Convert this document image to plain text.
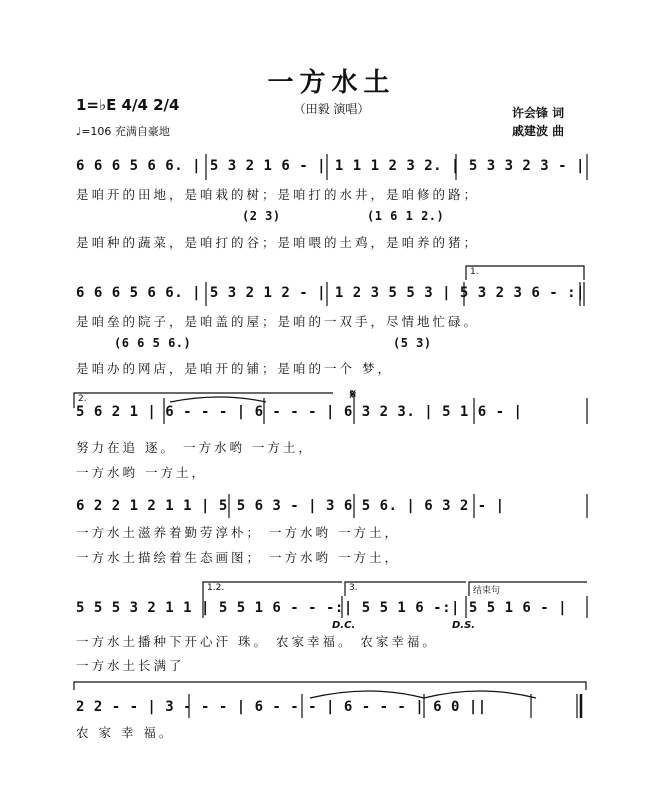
一方水土
（田毅 演唱）
1=♭E 4/4 2/4
♩=106 充满自豪地
许会锋 词
戚建波 曲
6 6 6 5 6 6. | 5 3 2 1 6 - | 1 1 1 2 3 2. | 5 3 3 2 3 - |
是咱开的田地，是咱栽的树；是咱打的水井，是咱修的路；
(2 3)	(1 6 1 2.)
是咱种的蔬菜，是咱打的谷；是咱喂的土鸡，是咱养的猪；
1.
6 6 6 5 6 6. | 5 3 2 1 2 - | 1 2 3 5 5 3 | 5 3 2 3 6 - :|
是咱垒的院子，是咱盖的屋；是咱的一双手，尽情地忙碌。
(6 6 5 6.)	(5 3)
是咱办的网店，是咱开的铺；是咱的一个 梦，
2.	𝄋
5 6 2 1 | 6 - - - | 6 - - - | 6 3 2 3. | 5 1 6 - |
努力在追 逐。 一方水哟 一方土，
一方水哟 一方土，
6 2 2 1 2 1 1 | 5 5 6 3 - | 3 6 5 6. | 6 3 2 - |
一方水土滋养着勤劳淳朴； 一方水哟 一方土，
一方水土描绘着生态画图； 一方水哟 一方土，
1.2.	3.	结束句
5 5 5 3 2 1 1 | 5 5 1 6 - - -:| 5 5 1 6 -:| 5 5 1 6 - |
D.C.	D.S.
一方水土播种下开心汗 珠。 农家幸福。 农家幸福。
一方水土长满了
2 2 - - | 3 - - - | 6 - - - | 6 - - - | 6 0 ||
农 家 幸 福。
